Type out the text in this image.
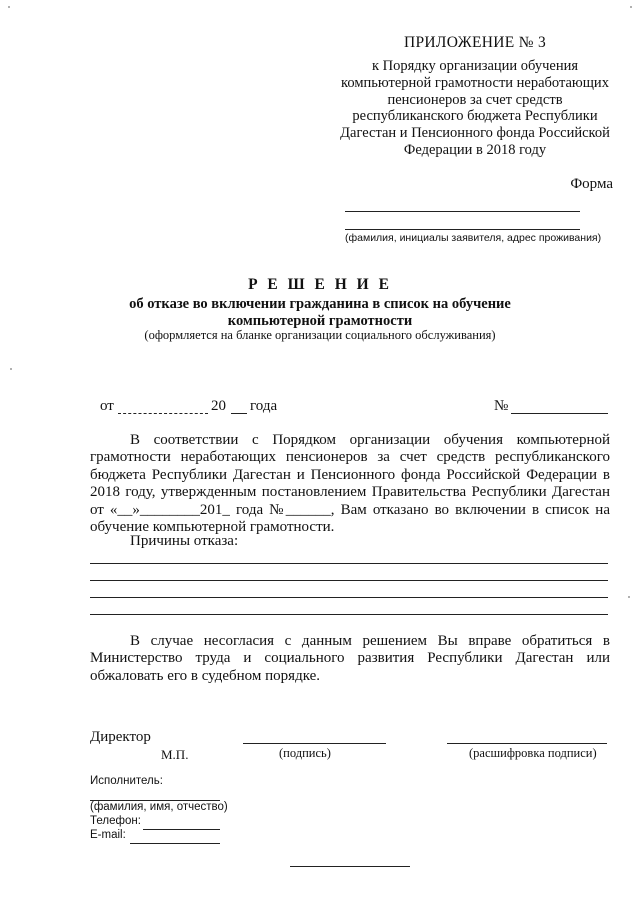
ПРИЛОЖЕНИЕ № 3
к Порядку организации обучения
компьютерной грамотности неработающих
пенсионеров за счет средств
республиканского бюджета Республики
Дагестан и Пенсионного фонда Российской
Федерации в 2018 году
Форма
(фамилия, инициалы заявителя, адрес проживания)
Р Е Ш Е Н И Е
об отказе во включении гражданина в список на обучение
компьютерной грамотности
(оформляется на бланке организации социального обслуживания)
от	20 года	№
В соответствии с Порядком организации обучения компьютерной грамотности неработающих пенсионеров за счет средств республиканского бюджета Республики Дагестан и Пенсионного фонда Российской Федерации в 2018 году, утвержденным постановлением Правительства Республики Дагестан от «__»________201_ года №______, Вам отказано во включении в список на обучение компьютерной грамотности.
Причины отказа:
В случае несогласия с данным решением Вы вправе обратиться в Министерство труда и социального развития Республики Дагестан или обжаловать его в судебном порядке.
Директор
М.П.	(подпись)	(расшифровка подписи)
Исполнитель:
(фамилия, имя, отчество)
Телефон:
E-mail:
